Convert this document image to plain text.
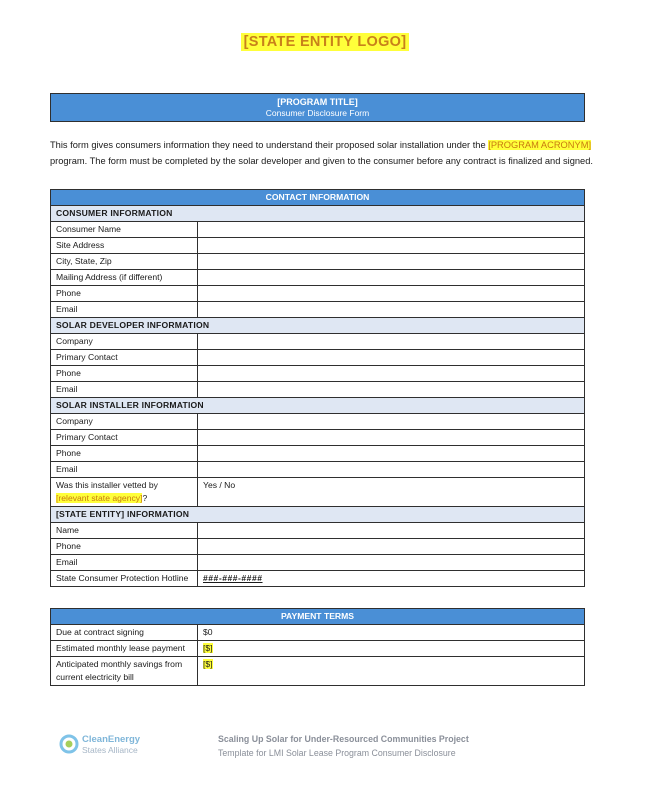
[STATE ENTITY LOGO]
[PROGRAM TITLE]
Consumer Disclosure Form
This form gives consumers information they need to understand their proposed solar installation under the [PROGRAM ACRONYM] program. The form must be completed by the solar developer and given to the consumer before any contract is finalized and signed.
CONTACT INFORMATION	
CONSUMER INFORMATION	
Consumer Name	
Site Address	
City, State, Zip	
Mailing Address (if different)	
Phone	
Email	
SOLAR DEVELOPER INFORMATION	
Company	
Primary Contact	
Phone	
Email	
SOLAR INSTALLER INFORMATION	
Company	
Primary Contact	
Phone	
Email	
Was this installer vetted by [relevant state agency]?	Yes / No
[STATE ENTITY] INFORMATION	
Name	
Phone	
Email	
State Consumer Protection Hotline	###-###-####
PAYMENT TERMS	
Due at contract signing	$0
Estimated monthly lease payment	[$]
Anticipated monthly savings from current electricity bill	[$]
CleanEnergy
States Alliance
Scaling Up Solar for Under-Resourced Communities Project
Template for LMI Solar Lease Program Consumer Disclosure
